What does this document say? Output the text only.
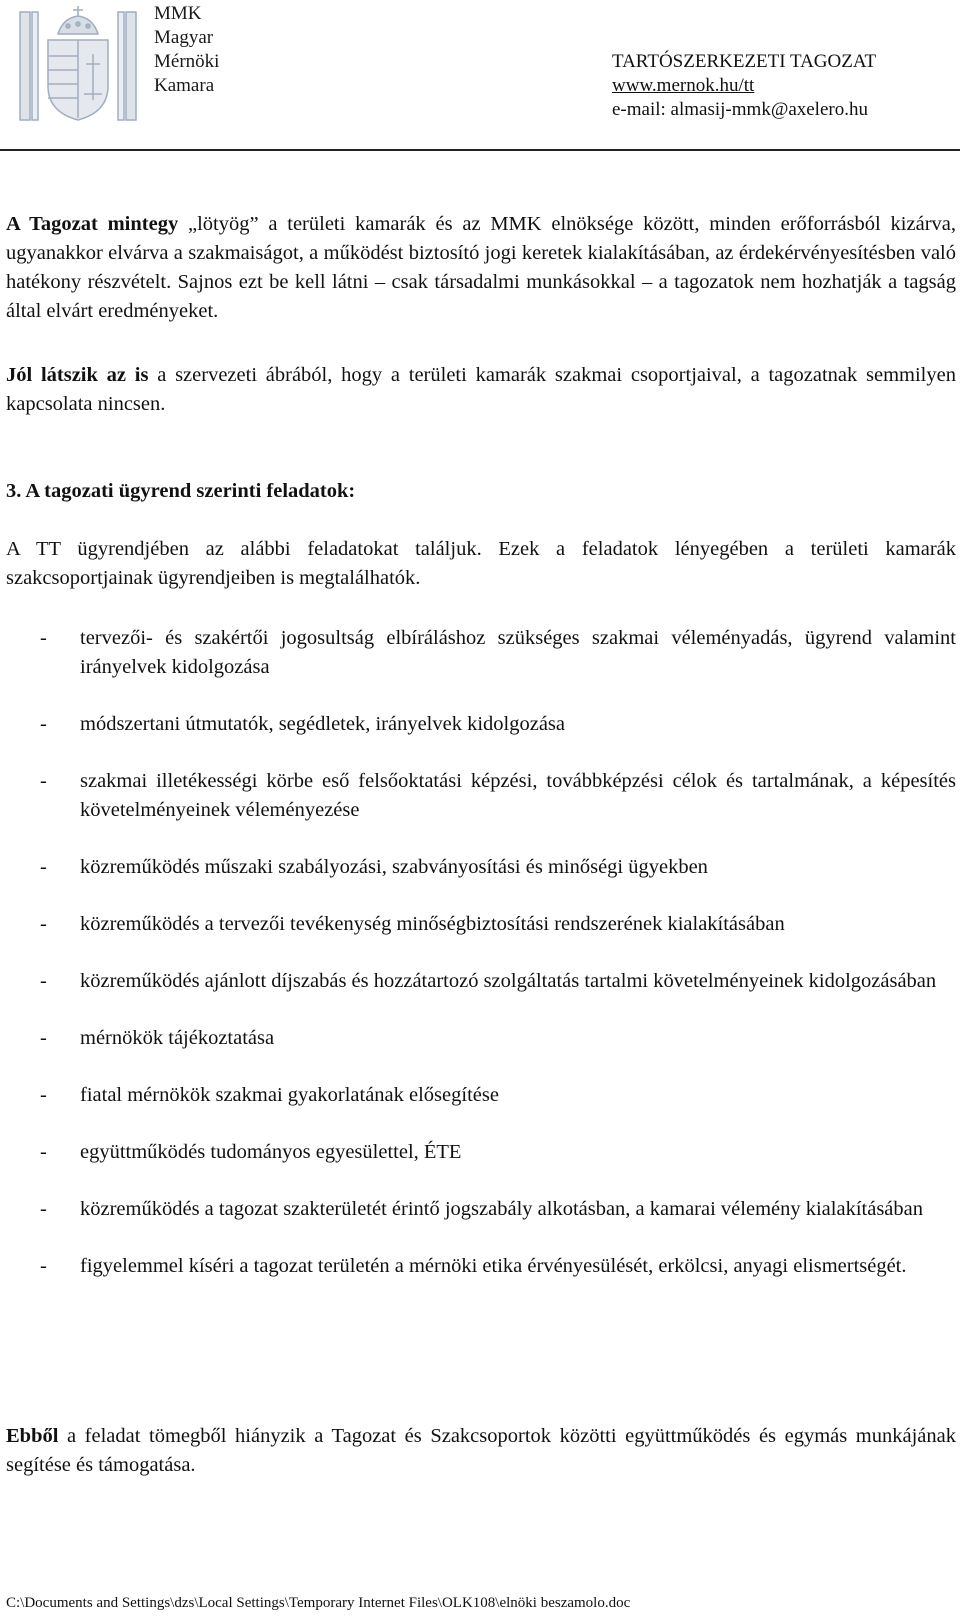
MMK
Magyar
Mérnöki
Kamara
TARTÓSZERKEZETI TAGOZAT
www.mernok.hu/tt
e-mail: almasij-mmk@axelero.hu

A Tagozat mintegy „lötyög” a területi kamarák és az MMK elnöksége között, minden erőforrásból kizárva, ugyanakkor elvárva a szakmaiságot, a működést biztosító jogi keretek kialakításában, az érdekérvényesítésben való hatékony részvételt. Sajnos ezt be kell látni – csak társadalmi munkásokkal – a tagozatok nem hozhatják a tagság által elvárt eredményeket.

Jól látszik az is a szervezeti ábrából, hogy a területi kamarák szakmai csoportjaival, a tagozatnak semmilyen kapcsolata nincsen.

3. A tagozati ügyrend szerinti feladatok:

A TT ügyrendjében az alábbi feladatokat találjuk. Ezek a feladatok lényegében a területi kamarák szakcsoportjainak ügyrendjeiben is megtalálhatók.

- tervezői- és szakértői jogosultság elbíráláshoz szükséges szakmai véleményadás, ügyrend valamint irányelvek kidolgozása
- módszertani útmutatók, segédletek, irányelvek kidolgozása
- szakmai illetékességi körbe eső felsőoktatási képzési, továbbképzési célok és tartalmának, a képesítés követelményeinek véleményezése
- közreműködés műszaki szabályozási, szabványosítási és minőségi ügyekben
- közreműködés a tervezői tevékenység minőségbiztosítási rendszerének kialakításában
- közreműködés ajánlott díjszabás és hozzátartozó szolgáltatás tartalmi követelményeinek kidolgozásában
- mérnökök tájékoztatása
- fiatal mérnökök szakmai gyakorlatának elősegítése
- együttműködés tudományos egyesülettel, ÉTE
- közreműködés a tagozat szakterületét érintő jogszabály alkotásban, a kamarai vélemény kialakításában
- figyelemmel kíséri a tagozat területén a mérnöki etika érvényesülését, erkölcsi, anyagi elismertségét.

Ebből a feladat tömegből hiányzik a Tagozat és Szakcsoportok közötti együttműködés és egymás munkájának segítése és támogatása.

C:\Documents and Settings\dzs\Local Settings\Temporary Internet Files\OLK108\elnöki beszamolo.doc
